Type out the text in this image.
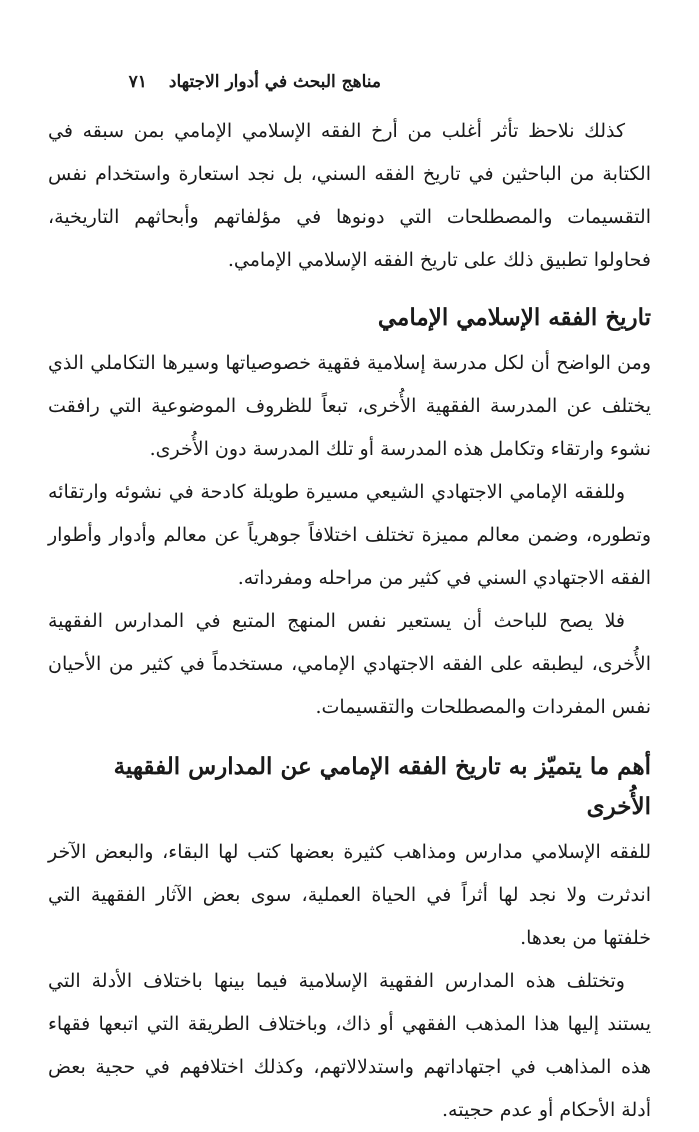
مناهج البحث في أدوار الاجتهاد
٧١

كذلك نلاحظ تأثر أغلب من أرخ الفقه الإسلامي الإمامي بمن سبقه في الكتابة من الباحثين في تاريخ الفقه السني، بل نجد استعارة واستخدام نفس التقسيمات والمصطلحات التي دونوها في مؤلفاتهم وأبحاثهم التاريخية، فحاولوا تطبيق ذلك على تاريخ الفقه الإسلامي الإمامي.

تاريخ الفقه الإسلامي الإمامي

ومن الواضح أن لكل مدرسة إسلامية فقهية خصوصياتها وسيرها التكاملي الذي يختلف عن المدرسة الفقهية الأُخرى، تبعاً للظروف الموضوعية التي رافقت نشوء وارتقاء وتكامل هذه المدرسة أو تلك المدرسة دون الأُخرى.

وللفقه الإمامي الاجتهادي الشيعي مسيرة طويلة كادحة في نشوئه وارتقائه وتطوره، وضمن معالم مميزة تختلف اختلافاً جوهرياً عن معالم وأدوار وأطوار الفقه الاجتهادي السني في كثير من مراحله ومفرداته.

فلا يصح للباحث أن يستعير نفس المنهج المتبع في المدارس الفقهية الأُخرى، ليطبقه على الفقه الاجتهادي الإمامي، مستخدماً في كثير من الأحيان نفس المفردات والمصطلحات والتقسيمات.

أهم ما يتميّز به تاريخ الفقه الإمامي عن المدارس الفقهية الأُخرى

للفقه الإسلامي مدارس ومذاهب كثيرة بعضها كتب لها البقاء، والبعض الآخر اندثرت ولا نجد لها أثراً في الحياة العملية، سوى بعض الآثار الفقهية التي خلفتها من بعدها.

وتختلف هذه المدارس الفقهية الإسلامية فيما بينها باختلاف الأدلة التي يستند إليها هذا المذهب الفقهي أو ذاك، وباختلاف الطريقة التي اتبعها فقهاء هذه المذاهب في اجتهاداتهم واستدلالاتهم، وكذلك اختلافهم في حجية بعض أدلة الأحكام أو عدم حجيته.
